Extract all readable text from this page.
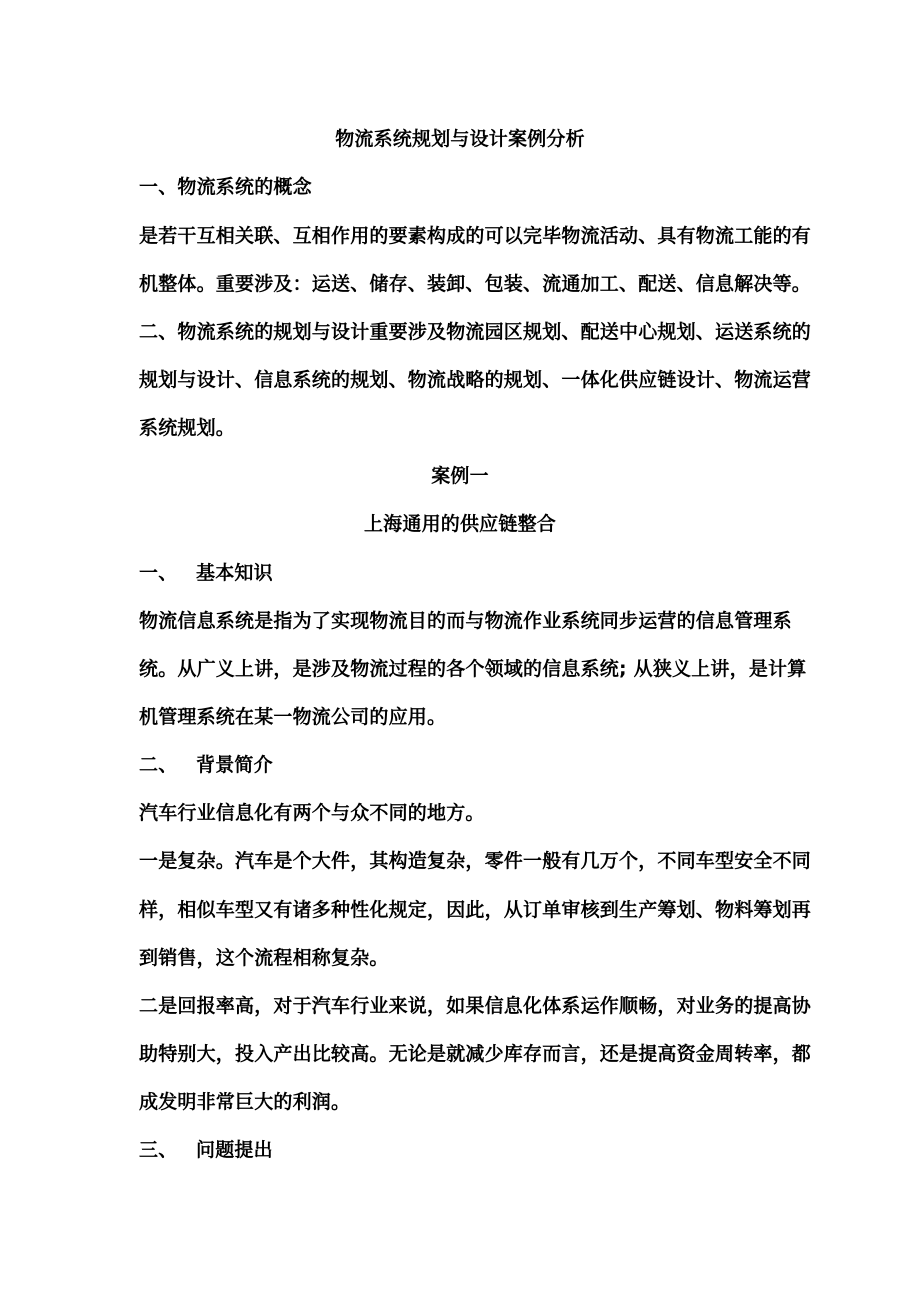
物流系统规划与设计案例分析
一、物流系统的概念
是若干互相关联、互相作用的要素构成的可以完毕物流活动、具有物流工能的有
机整体。重要涉及：运送、储存、装卸、包装、流通加工、配送、信息解决等。
二、物流系统的规划与设计重要涉及物流园区规划、配送中心规划、运送系统的
规划与设计、信息系统的规划、物流战略的规划、一体化供应链设计、物流运营
系统规划。
案例一
上海通用的供应链整合
一、 基本知识
物流信息系统是指为了实现物流目的而与物流作业系统同步运营的信息管理系
统。从广义上讲，是涉及物流过程的各个领域的信息系统; 从狭义上讲，是计算
机管理系统在某一物流公司的应用。
二、 背景简介
汽车行业信息化有两个与众不同的地方。
一是复杂。汽车是个大件，其构造复杂，零件一般有几万个，不同车型安全不同
样，相似车型又有诸多种性化规定，因此，从订单审核到生产筹划、物料筹划再
到销售，这个流程相称复杂。
二是回报率高，对于汽车行业来说，如果信息化体系运作顺畅，对业务的提高协
助特别大，投入产出比较高。无论是就减少库存而言，还是提高资金周转率，都
成发明非常巨大的利润。
三、 问题提出
